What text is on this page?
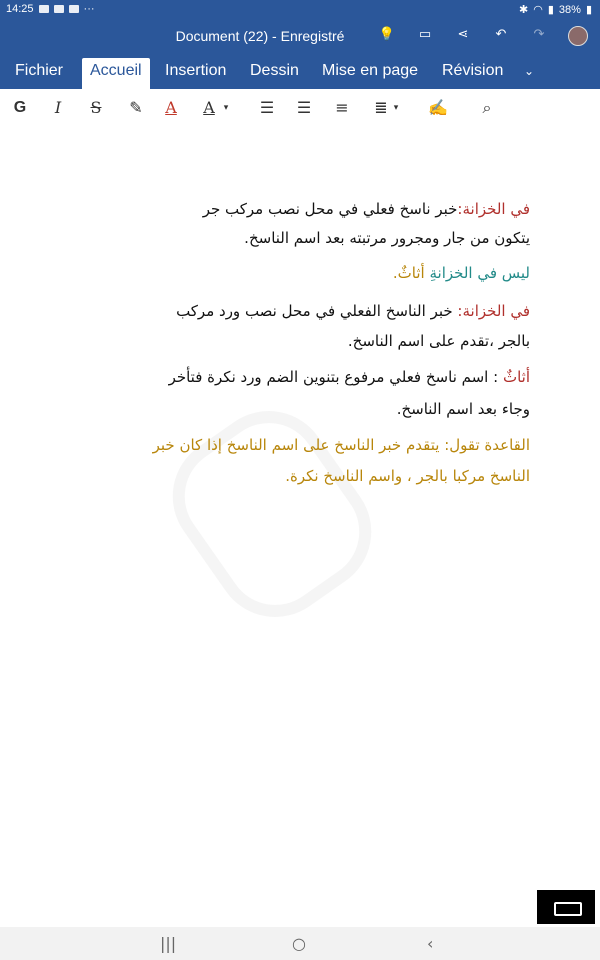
14:25	···	✱ ◠ ▮ 38% ▮
Document (22) - Enregistré	💡 ▭ ⋖ ↶ ↷
Fichier	Accueil	Insertion Dessin Mise en page Révision ⌄
G	I	S	✎	A	A ▾	☰ ☰ ≡ ≣ ▾	✍	⌕
في الخزانة:خبر ناسخ فعلي في محل نصب مركب جر
يتكون من جار ومجرور مرتبته بعد اسم الناسخ.
ليس في الخزانةِ أثاثٌ.
في الخزانة: خبر الناسخ الفعلي في محل نصب ورد مركب
بالجر ،تقدم على اسم الناسخ.
أثاثٌ : اسم ناسخ فعلي مرفوع بتنوين الضم ورد نكرة فتأخر
وجاء بعد اسم الناسخ.
القاعدة تقول: يتقدم خبر الناسخ على اسم الناسخ إذا كان خبر
الناسخ مركبا بالجر ، واسم الناسخ نكرة.
|||	○	‹
